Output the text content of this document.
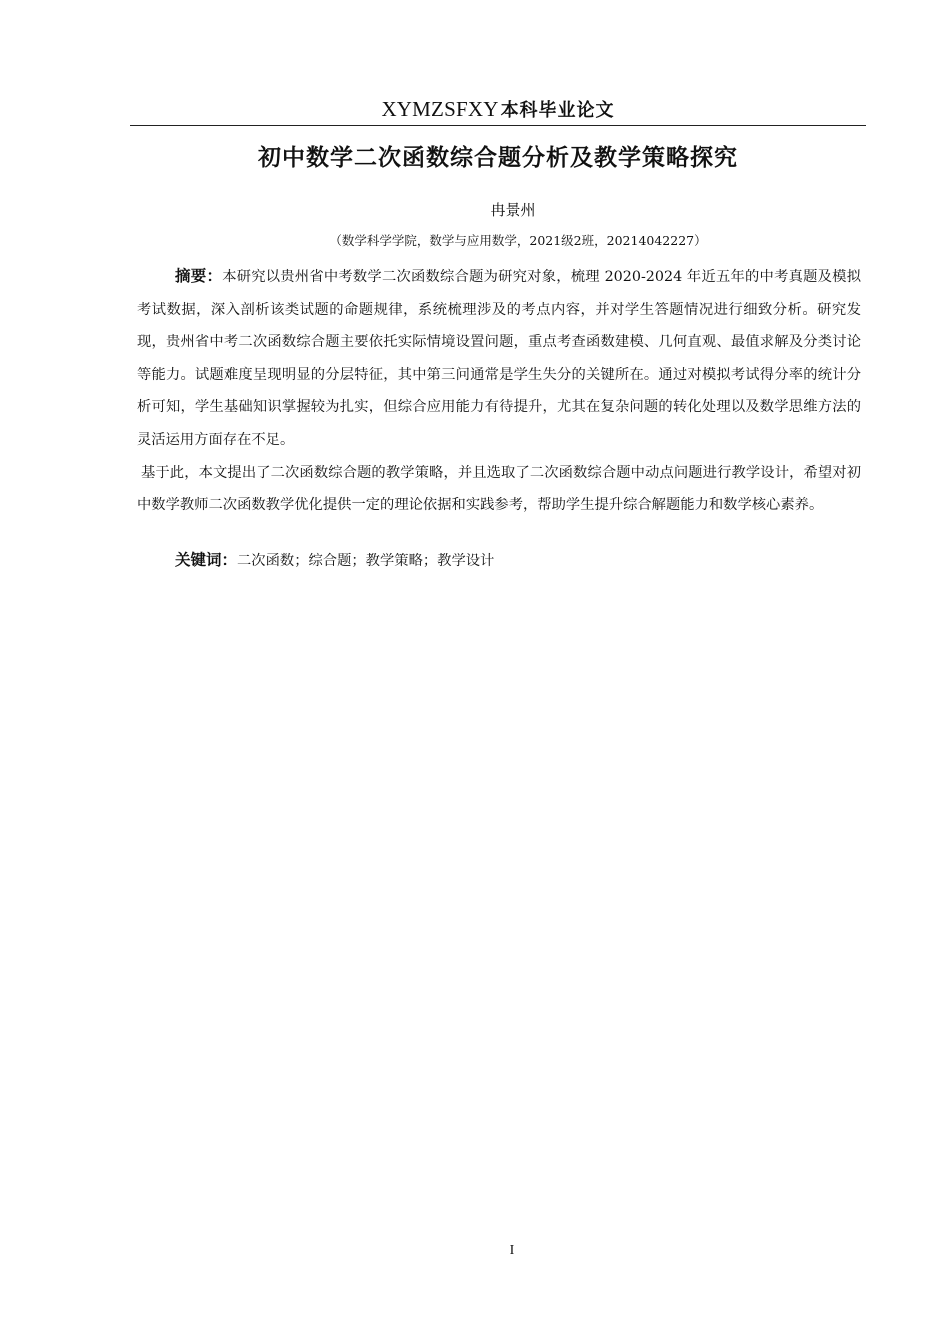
XYMZSFXY 本科毕业论文
初中数学二次函数综合题分析及教学策略探究
冉景州
（数学科学学院，数学与应用数学，2021级2班，20214042227）

摘要：本研究以贵州省中考数学二次函数综合题为研究对象，梳理 2020-2024 年近五年的中考真题及模拟考试数据，深入剖析该类试题的命题规律，系统梳理涉及的考点内容，并对学生答题情况进行细致分析。研究发现，贵州省中考二次函数综合题主要依托实际情境设置问题，重点考查函数建模、几何直观、最值求解及分类讨论等能力。试题难度呈现明显的分层特征，其中第三问通常是学生失分的关键所在。通过对模拟考试得分率的统计分析可知，学生基础知识掌握较为扎实，但综合应用能力有待提升，尤其在复杂问题的转化处理以及数学思维方法的灵活运用方面存在不足。

基于此，本文提出了二次函数综合题的教学策略，并且选取了二次函数综合题中动点问题进行教学设计，希望对初中数学教师二次函数教学优化提供一定的理论依据和实践参考，帮助学生提升综合解题能力和数学核心素养。

关键词：二次函数；综合题；教学策略；教学设计
I
